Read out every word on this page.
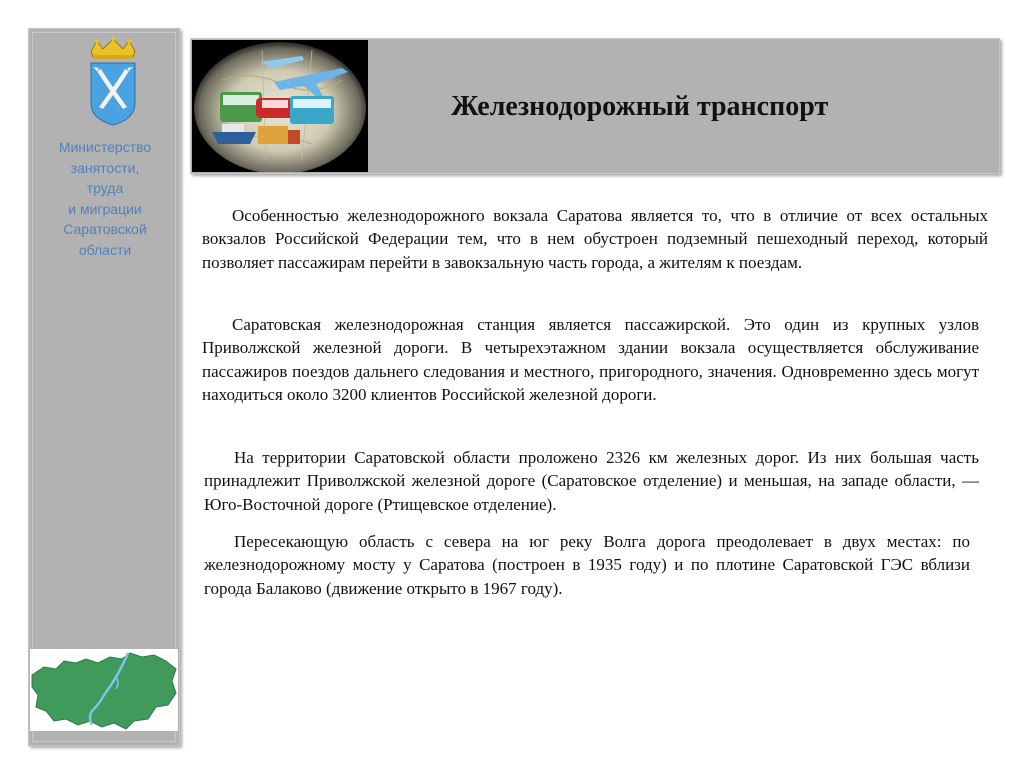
Министерство
занятости,
труда
и миграции
Саратовской
области
Железнодорожный транспорт
Особенностью железнодорожного вокзала Саратова является то, что в отличие от всех остальных вокзалов Российской Федерации тем, что в нем обустроен подземный пешеходный переход, который позволяет пассажирам перейти в завокзальную часть города, а жителям к поездам.
Саратовская железнодорожная станция является пассажирской. Это один из крупных узлов Приволжской железной дороги. В четырехэтажном здании вокзала осуществляется обслуживание пассажиров поездов дальнего следования и местного, пригородного, значения. Одновременно здесь могут находиться около 3200 клиентов Российской железной дороги.
На территории Саратовской области проложено 2326 км железных дорог. Из них большая часть принадлежит Приволжской железной дороге (Саратовское отделение) и меньшая, на западе области, — Юго-Восточной дороге (Ртищевское отделение).
Пересекающую область с севера на юг реку Волга дорога преодолевает в двух местах: по железнодорожному мосту у Саратова (построен в 1935 году) и по плотине Саратовской ГЭС вблизи города Балаково (движение открыто в 1967 году).
